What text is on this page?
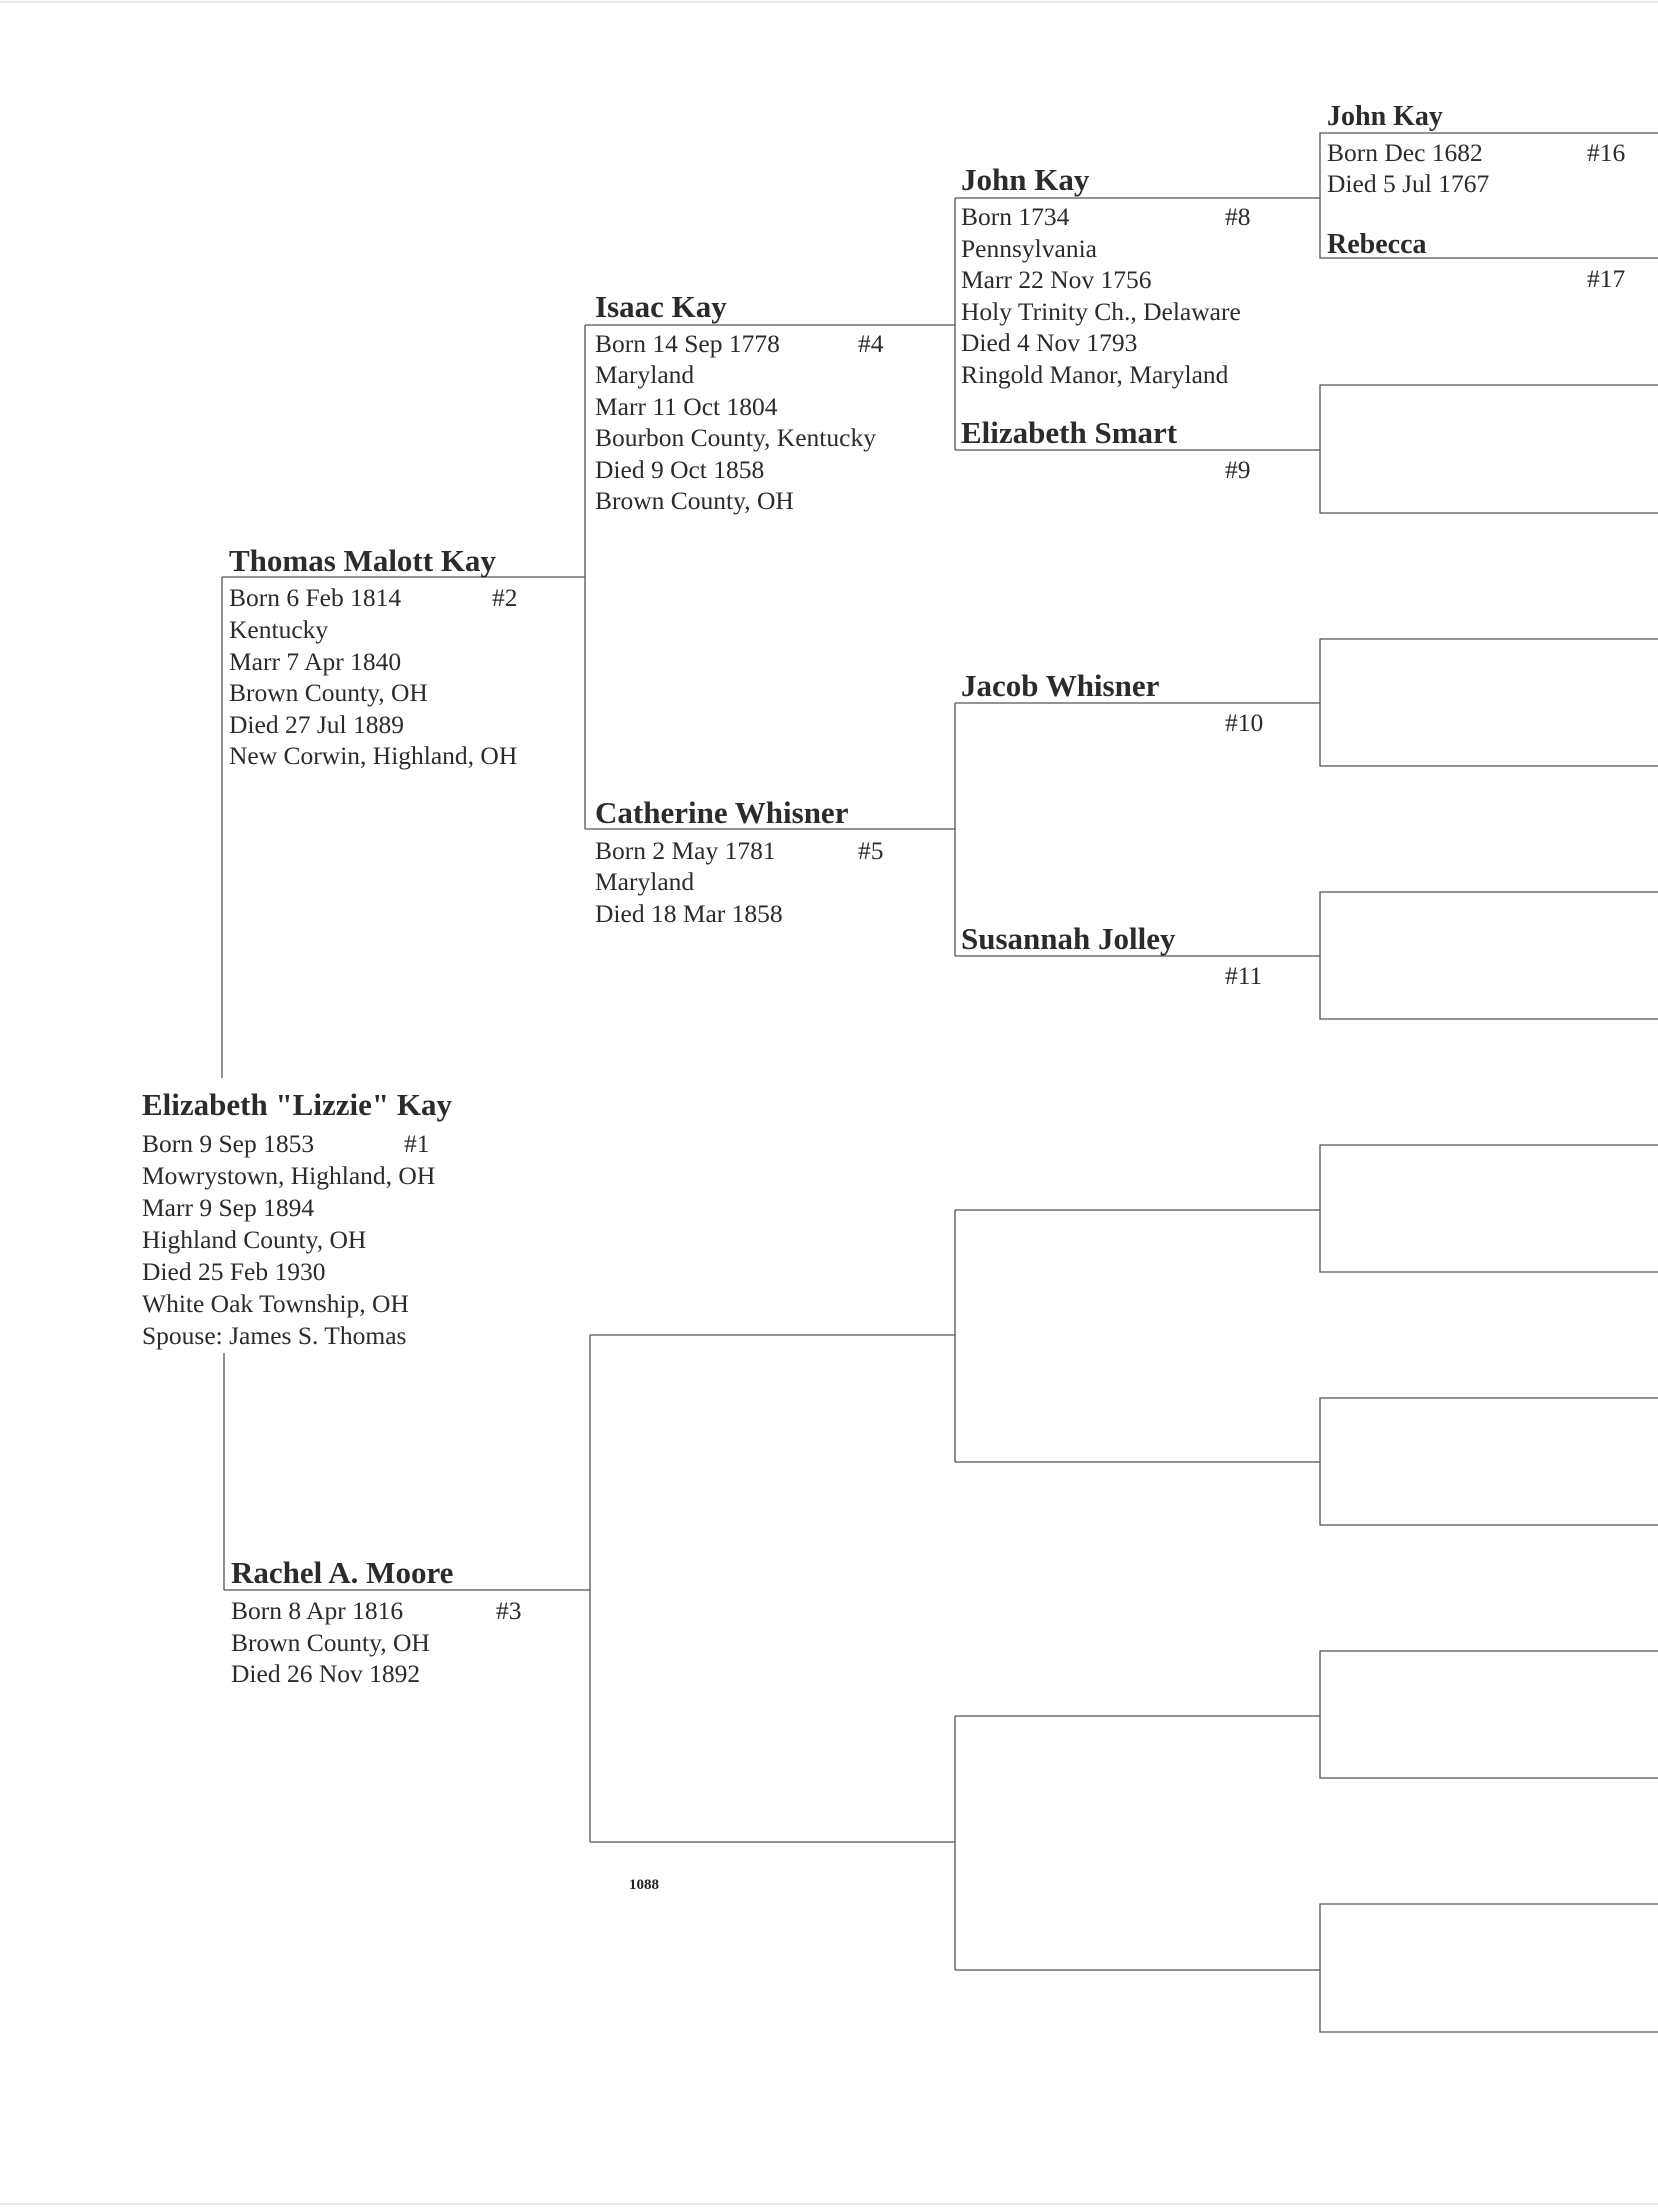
Elizabeth "Lizzie" Kay
#1
Born 9 Sep 1853
Mowrystown, Highland, OH
Marr 9 Sep 1894
Highland County, OH
Died 25 Feb 1930
White Oak Township, OH
Spouse: James S. Thomas
Thomas Malott Kay
#2
Born 6 Feb 1814
Kentucky
Marr 7 Apr 1840
Brown County, OH
Died 27 Jul 1889
New Corwin, Highland, OH
Rachel A. Moore
#3
Born 8 Apr 1816
Brown County, OH
Died 26 Nov 1892
Isaac Kay
#4
Born 14 Sep 1778
Maryland
Marr 11 Oct 1804
Bourbon County, Kentucky
Died 9 Oct 1858
Brown County, OH
Catherine Whisner
#5
Born 2 May 1781
Maryland
Died 18 Mar 1858
John Kay
#8
Born 1734
Pennsylvania
Marr 22 Nov 1756
Holy Trinity Ch., Delaware
Died 4 Nov 1793
Ringold Manor, Maryland
Elizabeth Smart
#9
Jacob Whisner
#10
Susannah Jolley
#11
John Kay
#16
Born Dec 1682
Died 5 Jul 1767
Rebecca
#17
1088
